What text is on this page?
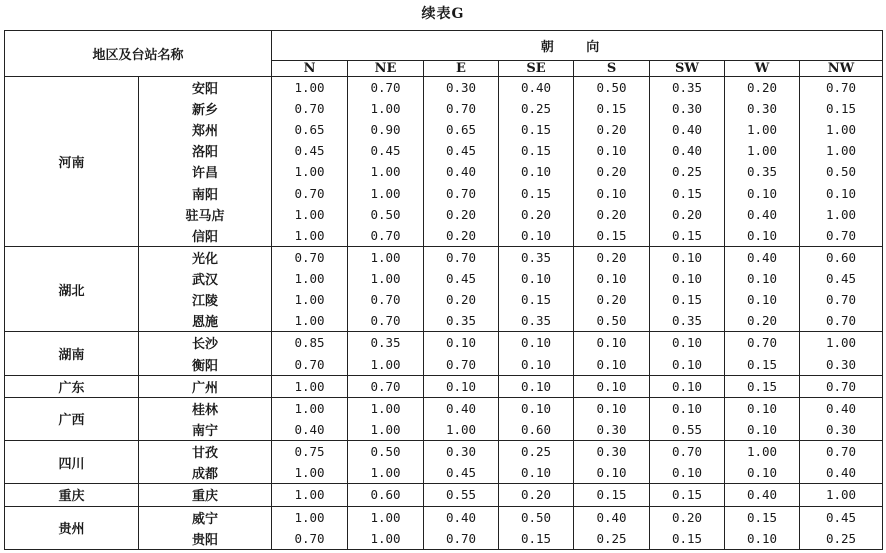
续表G
地区及台站名称		朝 向							
		N	NE	E	SE	S	SW	W	NW
河南	安阳	1.00	0.70	0.30	0.40	0.50	0.35	0.20	0.70
	新乡	0.70	1.00	0.70	0.25	0.15	0.30	0.30	0.15
	郑州	0.65	0.90	0.65	0.15	0.20	0.40	1.00	1.00
	洛阳	0.45	0.45	0.45	0.15	0.10	0.40	1.00	1.00
	许昌	1.00	1.00	0.40	0.10	0.20	0.25	0.35	0.50
	南阳	0.70	1.00	0.70	0.15	0.10	0.15	0.10	0.10
	驻马店	1.00	0.50	0.20	0.20	0.20	0.20	0.40	1.00
	信阳	1.00	0.70	0.20	0.10	0.15	0.15	0.10	0.70
湖北	光化	0.70	1.00	0.70	0.35	0.20	0.10	0.40	0.60
	武汉	1.00	1.00	0.45	0.10	0.10	0.10	0.10	0.45
	江陵	1.00	0.70	0.20	0.15	0.20	0.15	0.10	0.70
	恩施	1.00	0.70	0.35	0.35	0.50	0.35	0.20	0.70
湖南	长沙	0.85	0.35	0.10	0.10	0.10	0.10	0.70	1.00
	衡阳	0.70	1.00	0.70	0.10	0.10	0.10	0.15	0.30
广东	广州	1.00	0.70	0.10	0.10	0.10	0.10	0.15	0.70
广西	桂林	1.00	1.00	0.40	0.10	0.10	0.10	0.10	0.40
	南宁	0.40	1.00	1.00	0.60	0.30	0.55	0.10	0.30
四川	甘孜	0.75	0.50	0.30	0.25	0.30	0.70	1.00	0.70
	成都	1.00	1.00	0.45	0.10	0.10	0.10	0.10	0.40
重庆	重庆	1.00	0.60	0.55	0.20	0.15	0.15	0.40	1.00
贵州	威宁	1.00	1.00	0.40	0.50	0.40	0.20	0.15	0.45
	贵阳	0.70	1.00	0.70	0.15	0.25	0.15	0.10	0.25
